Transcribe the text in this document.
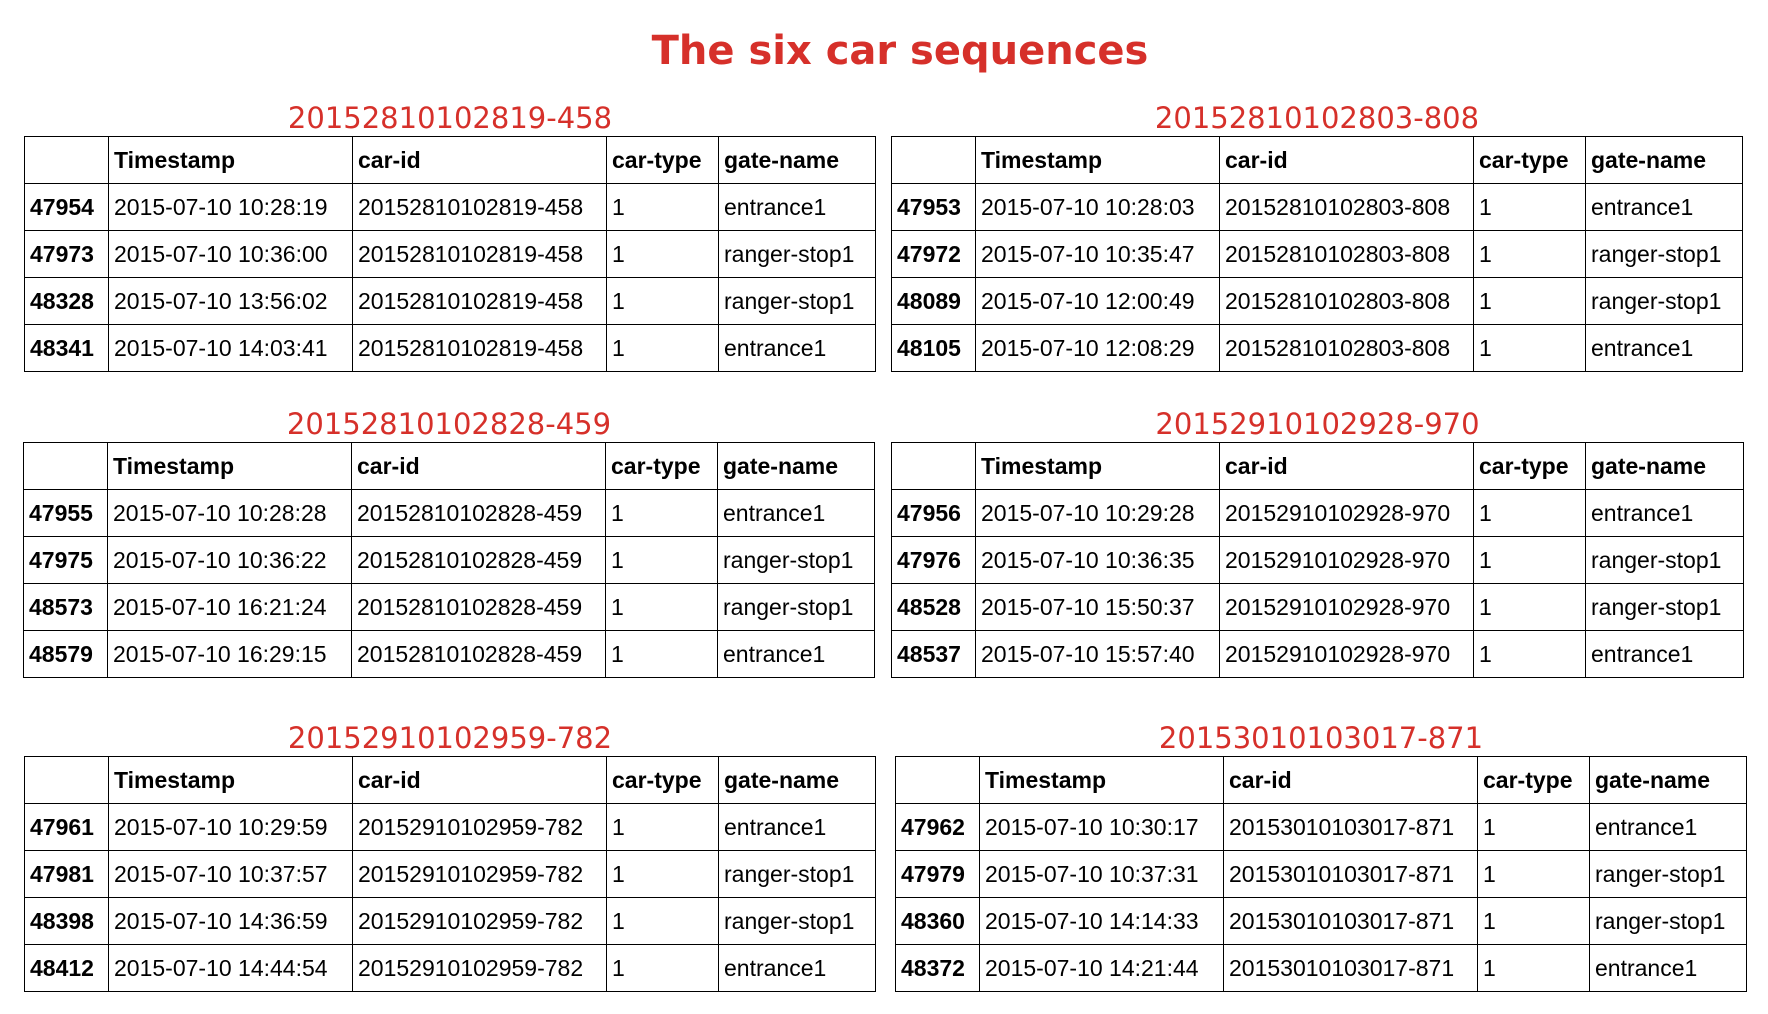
The six car sequences
20152810102819-458
	Timestamp	car-id	car-type	gate-name
47954	2015-07-10 10:28:19	20152810102819-458	1	entrance1
47973	2015-07-10 10:36:00	20152810102819-458	1	ranger-stop1
48328	2015-07-10 13:56:02	20152810102819-458	1	ranger-stop1
48341	2015-07-10 14:03:41	20152810102819-458	1	entrance1
20152810102803-808
	Timestamp	car-id	car-type	gate-name
47953	2015-07-10 10:28:03	20152810102803-808	1	entrance1
47972	2015-07-10 10:35:47	20152810102803-808	1	ranger-stop1
48089	2015-07-10 12:00:49	20152810102803-808	1	ranger-stop1
48105	2015-07-10 12:08:29	20152810102803-808	1	entrance1
20152810102828-459
	Timestamp	car-id	car-type	gate-name
47955	2015-07-10 10:28:28	20152810102828-459	1	entrance1
47975	2015-07-10 10:36:22	20152810102828-459	1	ranger-stop1
48573	2015-07-10 16:21:24	20152810102828-459	1	ranger-stop1
48579	2015-07-10 16:29:15	20152810102828-459	1	entrance1
20152910102928-970
	Timestamp	car-id	car-type	gate-name
47956	2015-07-10 10:29:28	20152910102928-970	1	entrance1
47976	2015-07-10 10:36:35	20152910102928-970	1	ranger-stop1
48528	2015-07-10 15:50:37	20152910102928-970	1	ranger-stop1
48537	2015-07-10 15:57:40	20152910102928-970	1	entrance1
20152910102959-782
	Timestamp	car-id	car-type	gate-name
47961	2015-07-10 10:29:59	20152910102959-782	1	entrance1
47981	2015-07-10 10:37:57	20152910102959-782	1	ranger-stop1
48398	2015-07-10 14:36:59	20152910102959-782	1	ranger-stop1
48412	2015-07-10 14:44:54	20152910102959-782	1	entrance1
20153010103017-871
	Timestamp	car-id	car-type	gate-name
47962	2015-07-10 10:30:17	20153010103017-871	1	entrance1
47979	2015-07-10 10:37:31	20153010103017-871	1	ranger-stop1
48360	2015-07-10 14:14:33	20153010103017-871	1	ranger-stop1
48372	2015-07-10 14:21:44	20153010103017-871	1	entrance1
